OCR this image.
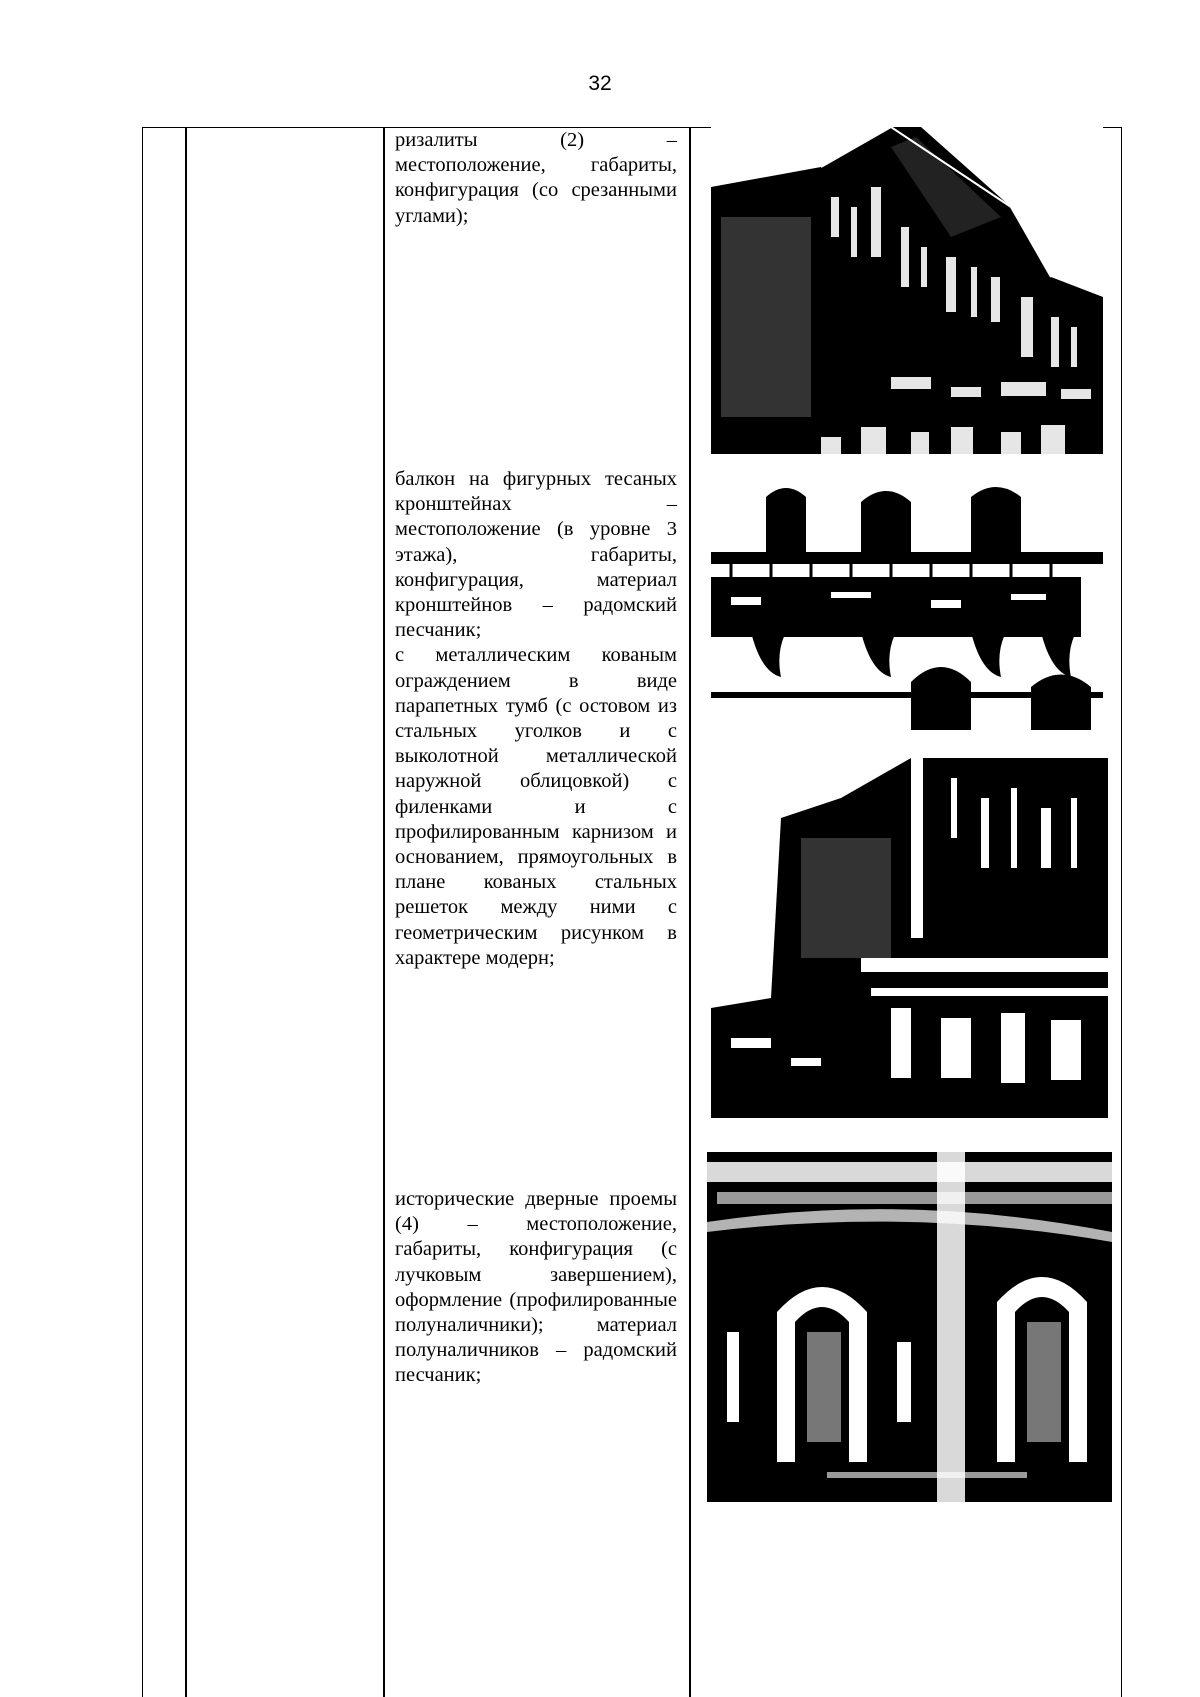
32

ризалиты (2) – местоположение, габариты, конфигурация (со срезанными углами);

балкон на фигурных тесаных кронштейнах – местоположение (в уровне 3 этажа), габариты, конфигурация, материал кронштейнов – радомский песчаник;

с металлическим кованым ограждением в виде парапетных тумб (с остовом из стальных уголков и с выколотной металлической наружной облицовкой) с филенками и с профилированным карнизом и основанием, прямоугольных в плане кованых стальных решеток между ними с геометрическим рисунком в характере модерн;

исторические дверные проемы (4) – местоположение, габариты, конфигурация (с лучковым завершением), оформление (профилированные полуналичники); материал полуналичников – радомский песчаник;
